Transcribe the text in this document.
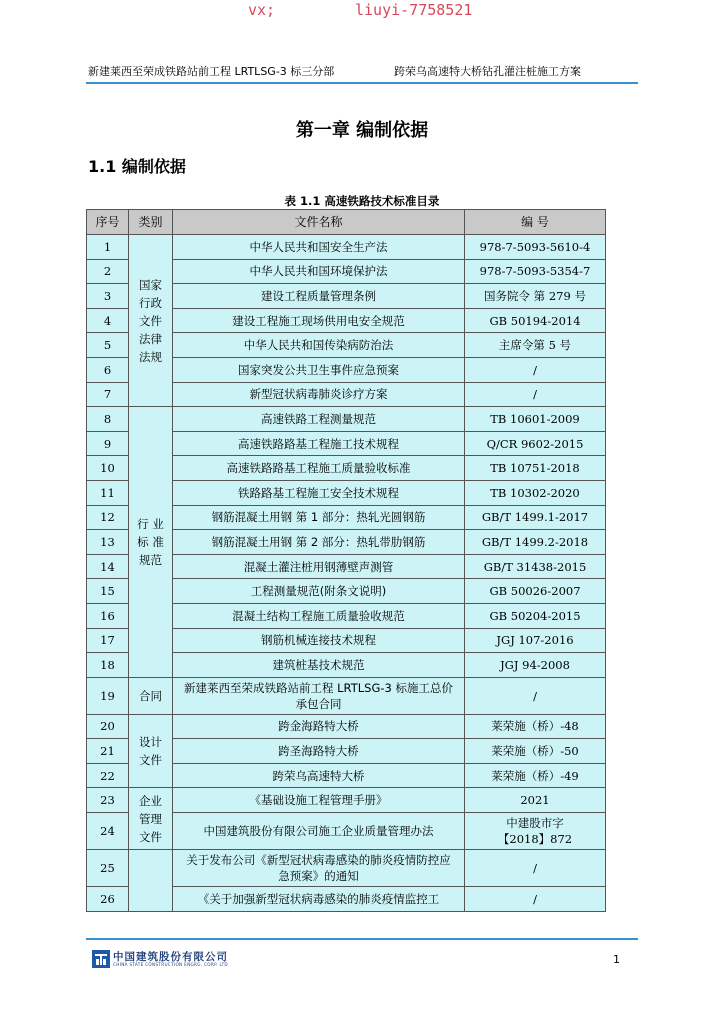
vx;	liuyi-7758521
新建莱西至荣成铁路站前工程 LRTLSG-3 标三分部	跨荣乌高速特大桥钻孔灌注桩施工方案
第一章 编制依据
1.1 编制依据
表 1.1 高速铁路技术标准目录
序号	类别	文件名称	编 号
1	国家行政文件法律法规	中华人民共和国安全生产法	978-7-5093-5610-4
2		中华人民共和国环境保护法	978-7-5093-5354-7
3		建设工程质量管理条例	国务院令 第 279 号
4		建设工程施工现场供用电安全规范	GB 50194-2014
5		中华人民共和国传染病防治法	主席令第 5 号
6		国家突发公共卫生事件应急预案	/
7		新型冠状病毒肺炎诊疗方案	/
8	行 业标 准规范	高速铁路工程测量规范	TB 10601-2009
9		高速铁路路基工程施工技术规程	Q/CR 9602-2015
10		高速铁路路基工程施工质量验收标准	TB 10751-2018
11		铁路路基工程施工安全技术规程	TB 10302-2020
12		钢筋混凝土用钢 第 1 部分：热轧光圆钢筋	GB/T 1499.1-2017
13		钢筋混凝土用钢 第 2 部分：热轧带肋钢筋	GB/T 1499.2-2018
14		混凝土灌注桩用钢薄壁声测管	GB/T 31438-2015
15		工程测量规范(附条文说明)	GB 50026-2007
16		混凝土结构工程施工质量验收规范	GB 50204-2015
17		钢筋机械连接技术规程	JGJ 107-2016
18		建筑桩基技术规范	JGJ 94-2008
19	合同	新建莱西至荣成铁路站前工程 LRTLSG-3 标施工总价承包合同	/
20	设计文件	跨金海路特大桥	莱荣施（桥）-48
21		跨圣海路特大桥	莱荣施（桥）-50
22		跨荣乌高速特大桥	莱荣施（桥）-49
23	企业管理文件	《基础设施工程管理手册》	2021
24		中国建筑股份有限公司施工企业质量管理办法	中建股市字【2018】872
25		关于发布公司《新型冠状病毒感染的肺炎疫情防控应急预案》的通知	/
26		《关于加强新型冠状病毒感染的肺炎疫情监控工	/
中国建筑股份有限公司
CHINA STATE CONSTRUCTION ENGRG. CORP. LTD	1
